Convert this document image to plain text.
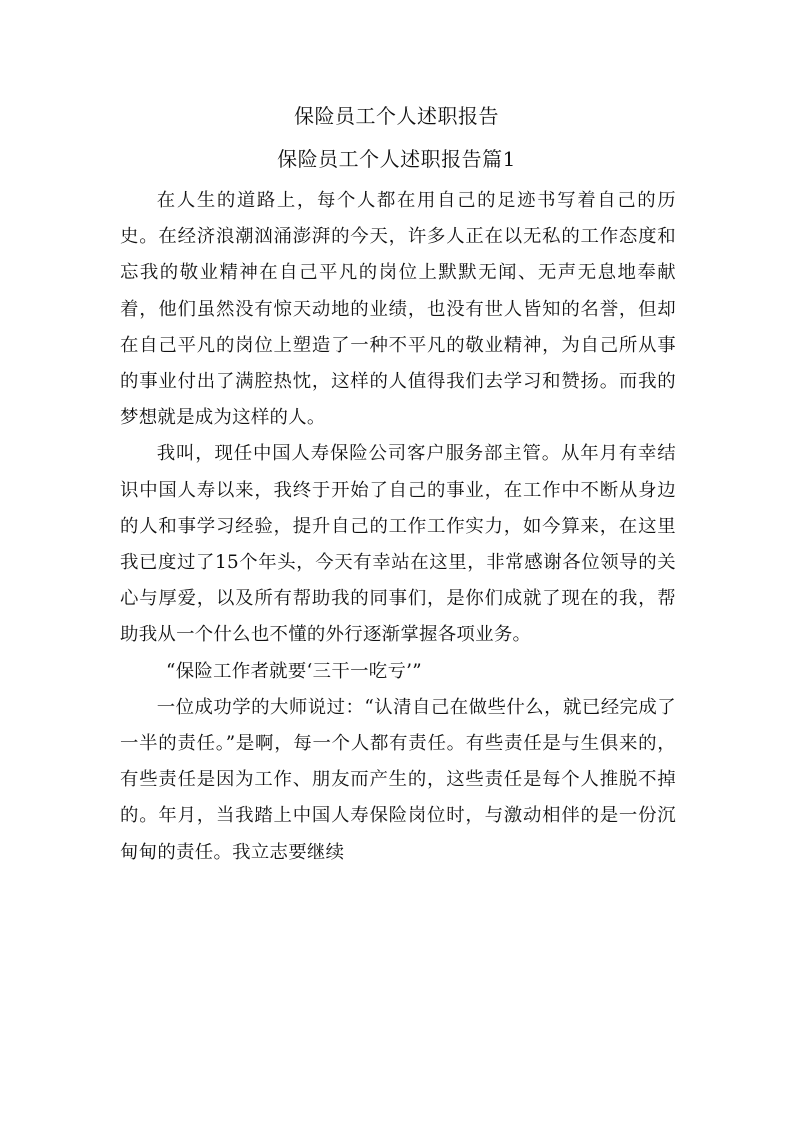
保险员工个人述职报告
保险员工个人述职报告篇1

在人生的道路上，每个人都在用自己的足迹书写着自己的历史。在经济浪潮汹涌澎湃的今天，许多人正在以无私的工作态度和忘我的敬业精神在自己平凡的岗位上默默无闻、无声无息地奉献着，他们虽然没有惊天动地的业绩，也没有世人皆知的名誉，但却在自己平凡的岗位上塑造了一种不平凡的敬业精神，为自己所从事的事业付出了满腔热忱，这样的人值得我们去学习和赞扬。而我的梦想就是成为这样的人。

我叫，现任中国人寿保险公司客户服务部主管。从年月有幸结识中国人寿以来，我终于开始了自己的事业，在工作中不断从身边的人和事学习经验，提升自己的工作工作实力，如今算来，在这里我已度过了15个年头，今天有幸站在这里，非常感谢各位领导的关心与厚爱，以及所有帮助我的同事们，是你们成就了现在的我，帮助我从一个什么也不懂的外行逐渐掌握各项业务。

“保险工作者就要‘三干一吃亏’”

一位成功学的大师说过：“认清自己在做些什么，就已经完成了一半的责任。”是啊，每一个人都有责任。有些责任是与生俱来的，有些责任是因为工作、朋友而产生的，这些责任是每个人推脱不掉的。年月，当我踏上中国人寿保险岗位时，与激动相伴的是一份沉甸甸的责任。我立志要继续
